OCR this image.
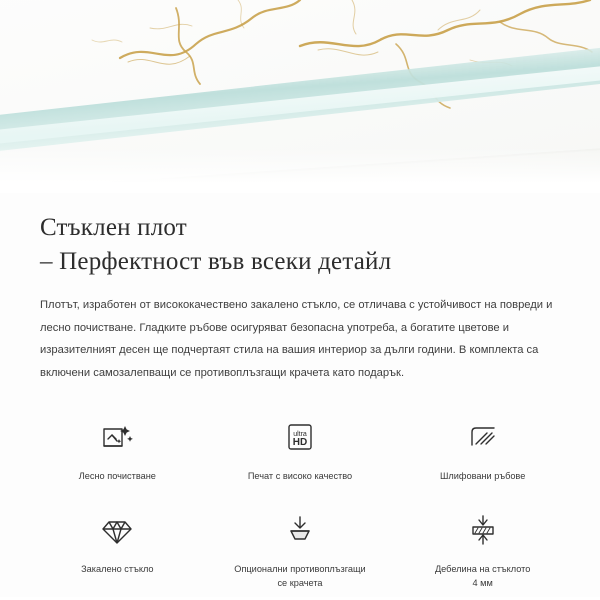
Стъклен плот
– Перфектност във всеки детайл

Плотът, изработен от висококачествено закалено стъкло, се отличава с устойчивост на повреди и лесно почистване. Гладките ръбове осигуряват безопасна употреба, а богатите цветове и изразителният десен ще подчертаят стила на вашия интериор за дълги години. В комплекта са включени самозалепващи се противоплъзгащи крачета като подарък.

Лесно почистване
ultra
HD
Печат с високо качество	Шлифовани ръбове
Закалено стъкло	Опционални противоплъзгащи
се крачета
Дебелина на стъклото
4 мм
